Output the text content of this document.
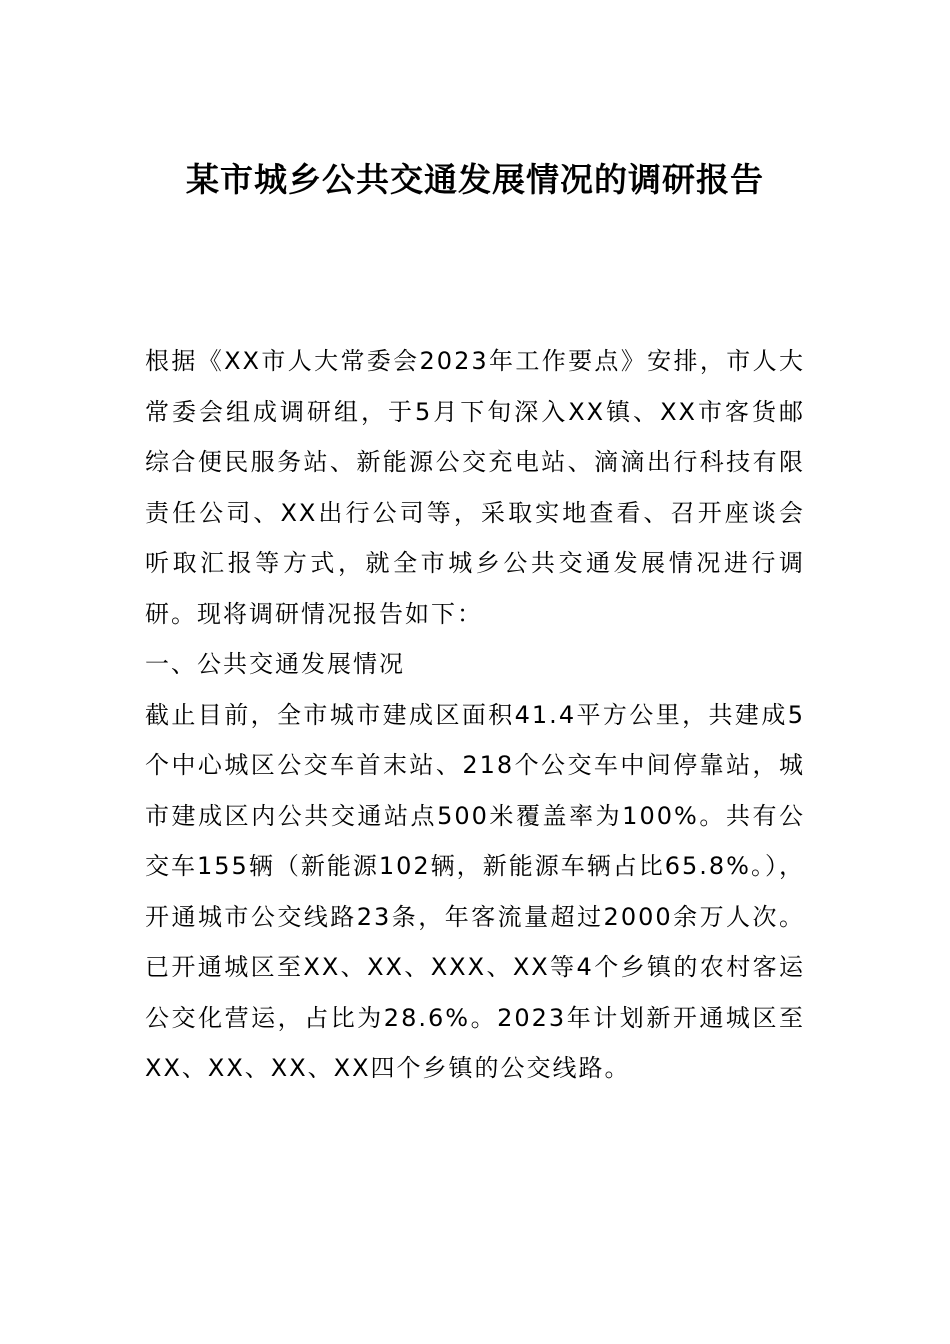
某市城乡公共交通发展情况的调研报告

根据《XX市人大常委会2023年工作要点》安排，市人大常委会组成调研组，于5月下旬深入XX镇、XX市客货邮综合便民服务站、新能源公交充电站、滴滴出行科技有限责任公司、XX出行公司等，采取实地查看、召开座谈会听取汇报等方式，就全市城乡公共交通发展情况进行调研。现将调研情况报告如下：

一、公共交通发展情况

截止目前，全市城市建成区面积41.4平方公里，共建成5个中心城区公交车首末站、218个公交车中间停靠站，城市建成区内公共交通站点500米覆盖率为100%。共有公交车155辆（新能源102辆，新能源车辆占比65.8%。），开通城市公交线路23条，年客流量超过2000余万人次。已开通城区至XX、XX、XXX、XX等4个乡镇的农村客运公交化营运，占比为28.6%。2023年计划新开通城区至XX、XX、XX、XX四个乡镇的公交线路。
